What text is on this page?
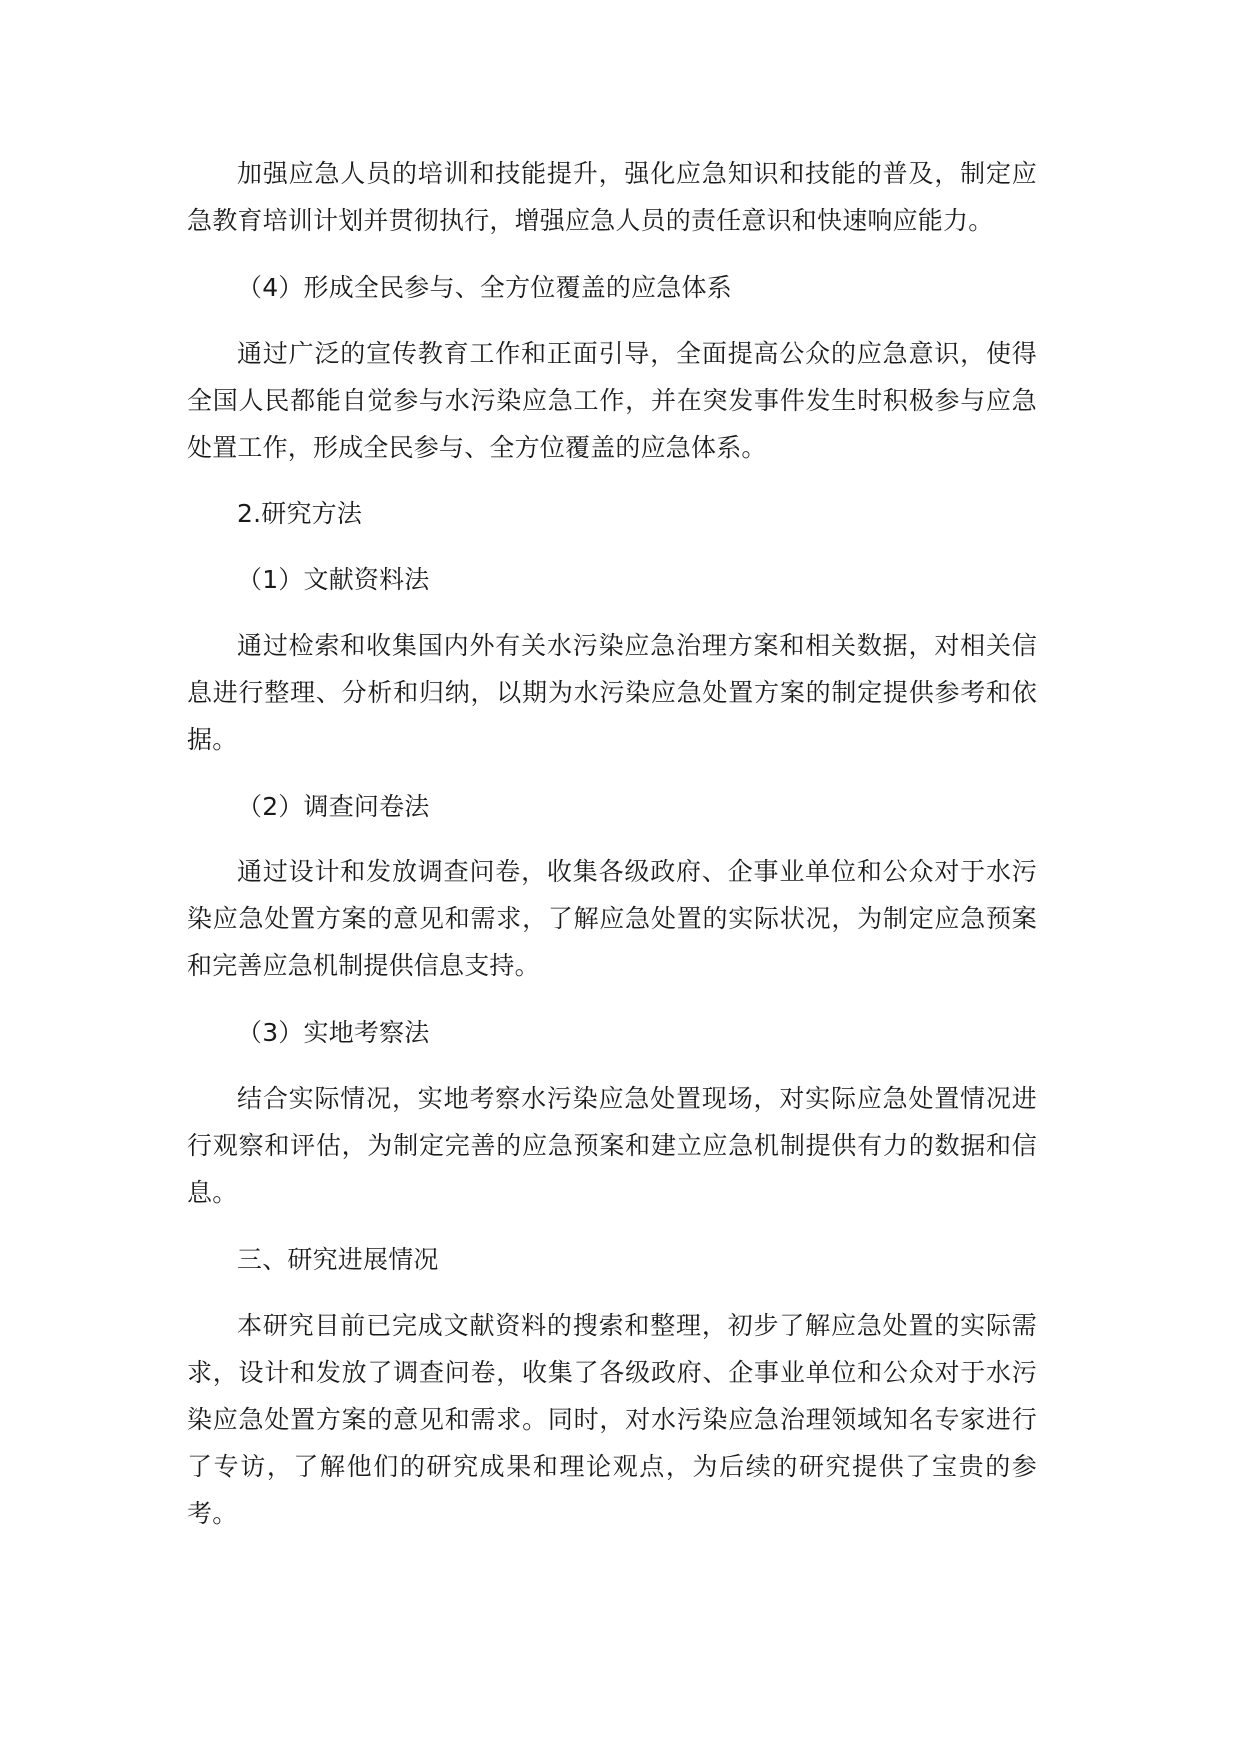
加强应急人员的培训和技能提升，强化应急知识和技能的普及，制定应急教育培训计划并贯彻执行，增强应急人员的责任意识和快速响应能力。

（4）形成全民参与、全方位覆盖的应急体系

通过广泛的宣传教育工作和正面引导，全面提高公众的应急意识，使得全国人民都能自觉参与水污染应急工作，并在突发事件发生时积极参与应急处置工作，形成全民参与、全方位覆盖的应急体系。

2.研究方法

（1）文献资料法

通过检索和收集国内外有关水污染应急治理方案和相关数据，对相关信息进行整理、分析和归纳，以期为水污染应急处置方案的制定提供参考和依据。

（2）调查问卷法

通过设计和发放调查问卷，收集各级政府、企事业单位和公众对于水污染应急处置方案的意见和需求，了解应急处置的实际状况，为制定应急预案和完善应急机制提供信息支持。

（3）实地考察法

结合实际情况，实地考察水污染应急处置现场，对实际应急处置情况进行观察和评估，为制定完善的应急预案和建立应急机制提供有力的数据和信息。

三、研究进展情况

本研究目前已完成文献资料的搜索和整理，初步了解应急处置的实际需求，设计和发放了调查问卷，收集了各级政府、企事业单位和公众对于水污染应急处置方案的意见和需求。同时，对水污染应急治理领域知名专家进行了专访，了解他们的研究成果和理论观点，为后续的研究提供了宝贵的参考。
